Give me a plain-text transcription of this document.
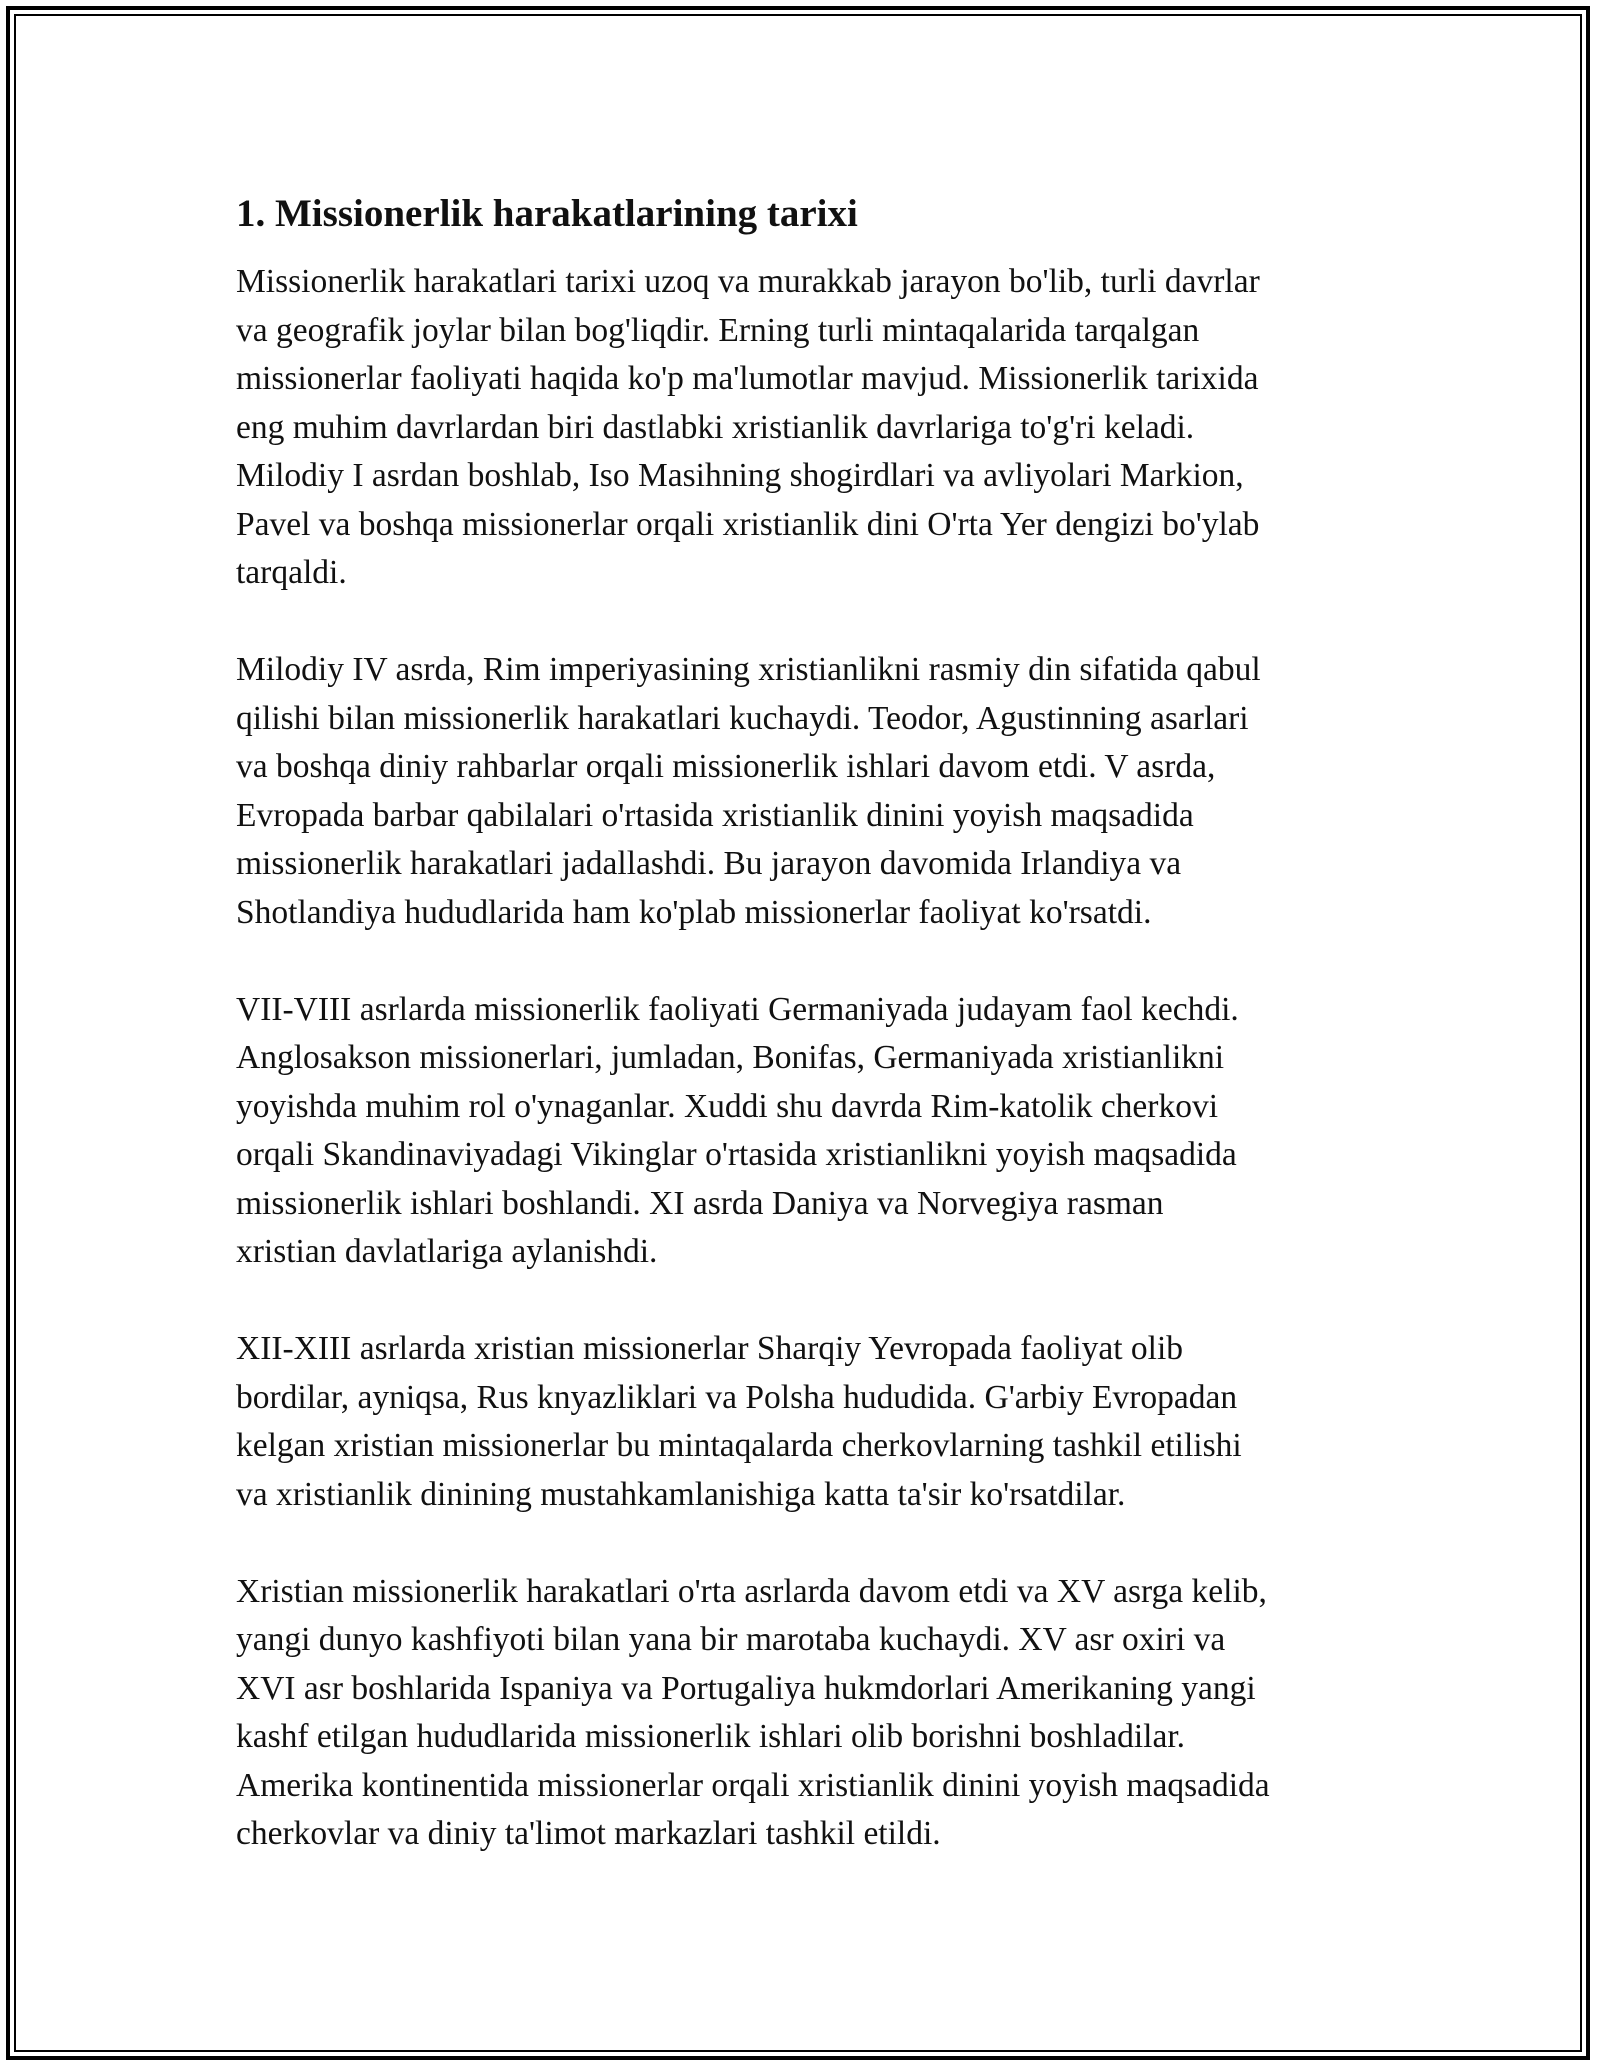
1. Missionerlik harakatlarining tarixi

Missionerlik harakatlari tarixi uzoq va murakkab jarayon bo'lib, turli davrlar
va geografik joylar bilan bog'liqdir. Erning turli mintaqalarida tarqalgan
missionerlar faoliyati haqida ko'p ma'lumotlar mavjud. Missionerlik tarixida
eng muhim davrlardan biri dastlabki xristianlik davrlariga to'g'ri keladi.
Milodiy I asrdan boshlab, Iso Masihning shogirdlari va avliyolari Markion,
Pavel va boshqa missionerlar orqali xristianlik dini O'rta Yer dengizi bo'ylab
tarqaldi.

Milodiy IV asrda, Rim imperiyasining xristianlikni rasmiy din sifatida qabul
qilishi bilan missionerlik harakatlari kuchaydi. Teodor, Agustinning asarlari
va boshqa diniy rahbarlar orqali missionerlik ishlari davom etdi. V asrda,
Evropada barbar qabilalari o'rtasida xristianlik dinini yoyish maqsadida
missionerlik harakatlari jadallashdi. Bu jarayon davomida Irlandiya va
Shotlandiya hududlarida ham ko'plab missionerlar faoliyat ko'rsatdi.

VII-VIII asrlarda missionerlik faoliyati Germaniyada judayam faol kechdi.
Anglosakson missionerlari, jumladan, Bonifas, Germaniyada xristianlikni
yoyishda muhim rol o'ynaganlar. Xuddi shu davrda Rim-katolik cherkovi
orqali Skandinaviyadagi Vikinglar o'rtasida xristianlikni yoyish maqsadida
missionerlik ishlari boshlandi. XI asrda Daniya va Norvegiya rasman
xristian davlatlariga aylanishdi.

XII-XIII asrlarda xristian missionerlar Sharqiy Yevropada faoliyat olib
bordilar, ayniqsa, Rus knyazliklari va Polsha hududida. G'arbiy Evropadan
kelgan xristian missionerlar bu mintaqalarda cherkovlarning tashkil etilishi
va xristianlik dinining mustahkamlanishiga katta ta'sir ko'rsatdilar.

Xristian missionerlik harakatlari o'rta asrlarda davom etdi va XV asrga kelib,
yangi dunyo kashfiyoti bilan yana bir marotaba kuchaydi. XV asr oxiri va
XVI asr boshlarida Ispaniya va Portugaliya hukmdorlari Amerikaning yangi
kashf etilgan hududlarida missionerlik ishlari olib borishni boshladilar.
Amerika kontinentida missionerlar orqali xristianlik dinini yoyish maqsadida
cherkovlar va diniy ta'limot markazlari tashkil etildi.
